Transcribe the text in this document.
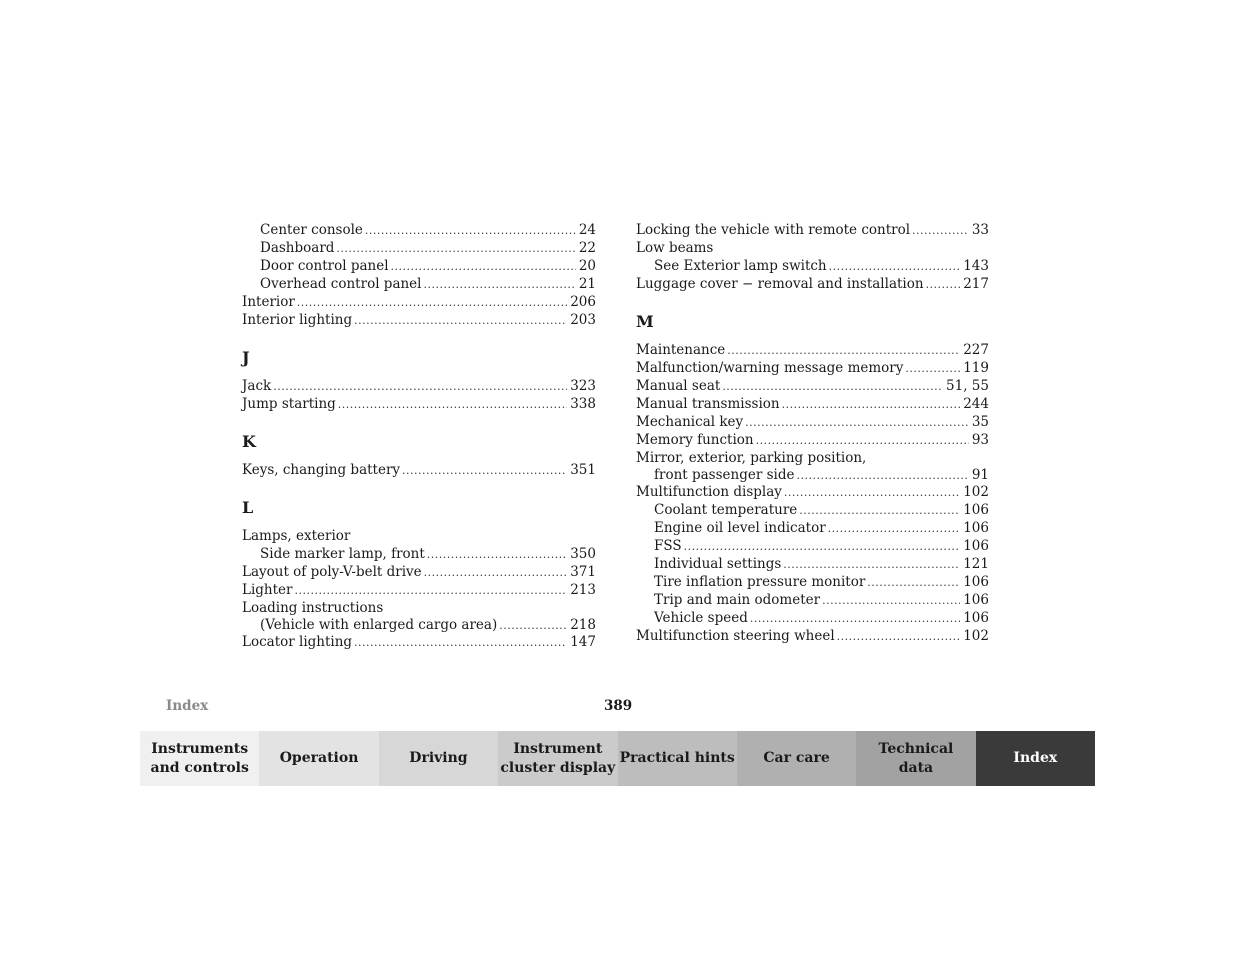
Center console .....	24
Dashboard .....	22
Door control panel .....	20
Overhead control panel .....	21
Interior .....	206
Interior lighting .....	203
J
Jack .....	323
Jump starting .....	338
K
Keys, changing battery .....	351
L
Lamps, exterior
Side marker lamp, front .....	350
Layout of poly-V-belt drive .....	371
Lighter .....	213
Loading instructions
(Vehicle with enlarged cargo area) .....	218
Locator lighting .....	147
Locking the vehicle with remote control .....	33
Low beams
See Exterior lamp switch .....	143
Luggage cover − removal and installation .....	217
M
Maintenance .....	227
Malfunction/warning message memory .....	119
Manual seat .....	51, 55
Manual transmission .....	244
Mechanical key .....	35
Memory function .....	93
Mirror, exterior, parking position,
front passenger side .....	91
Multifunction display .....	102
Coolant temperature .....	106
Engine oil level indicator .....	106
FSS .....	106
Individual settings .....	121
Tire inflation pressure monitor .....	106
Trip and main odometer .....	106
Vehicle speed .....	106
Multifunction steering wheel .....	102
Index	389
Instruments
and controls
Operation	Driving
Instrument
cluster display
Practical hints	Car care
Technical
data
Index
